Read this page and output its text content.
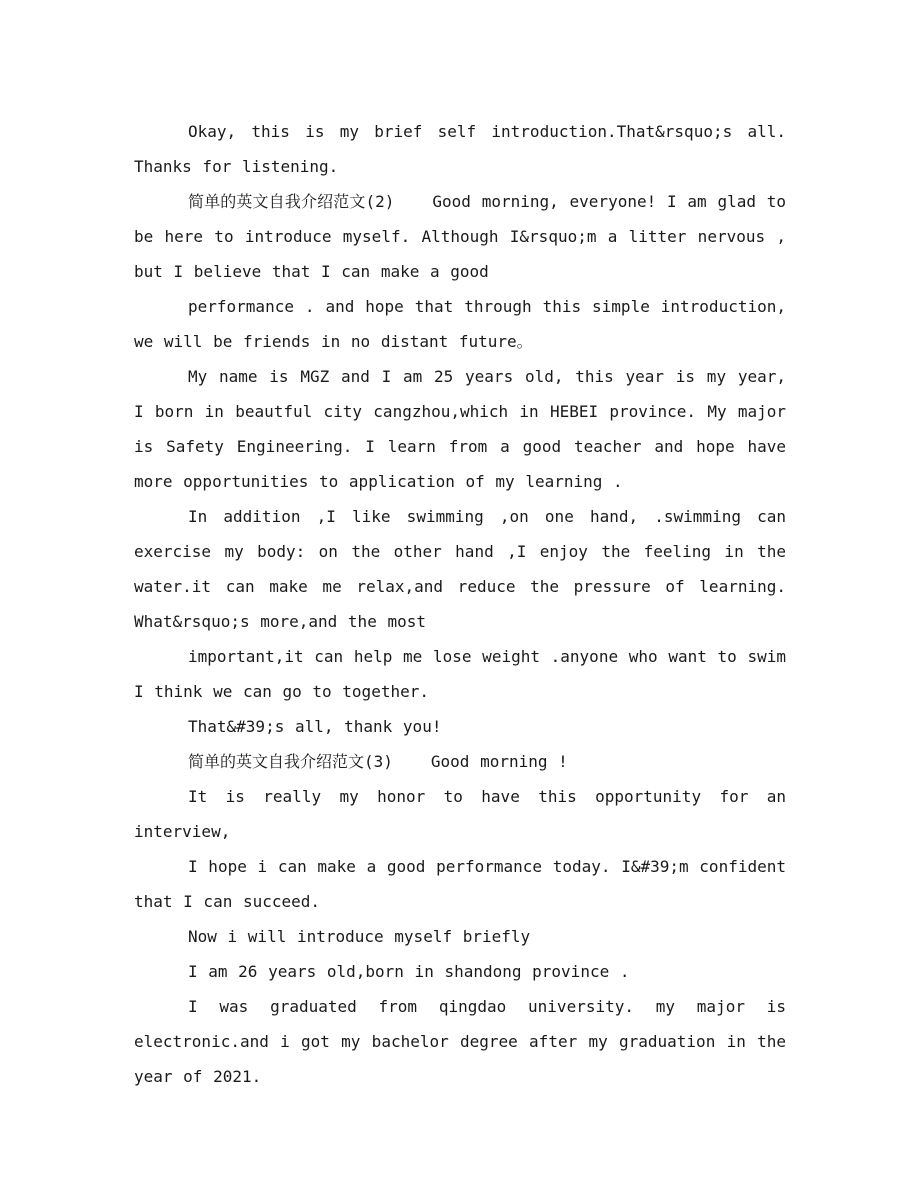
Okay, this is my brief self introduction.That&rsquo;s all. Thanks for listening.

简单的英文自我介绍范文(2) Good morning, everyone! I am glad to be here to introduce myself. Although I&rsquo;m a litter nervous , but I believe that I can make a good

performance . and hope that through this simple introduction, we will be friends in no distant future。

My name is MGZ and I am 25 years old, this year is my year, I born in beautful city cangzhou,which in HEBEI province. My major is Safety Engineering. I learn from a good teacher and hope have more opportunities to application of my learning .

In addition ,I like swimming ,on one hand, .swimming can exercise my body: on the other hand ,I enjoy the feeling in the water.it can make me relax,and reduce the pressure of learning. What&rsquo;s more,and the most

important,it can help me lose weight .anyone who want to swim I think we can go to together.

That&#39;s all, thank you!

简单的英文自我介绍范文(3) Good morning !

It is really my honor to have this opportunity for an interview,

I hope i can make a good performance today. I&#39;m confident that I can succeed.

Now i will introduce myself briefly

I am 26 years old,born in shandong province .

I was graduated from qingdao university. my major is electronic.and i got my bachelor degree after my graduation in the year of 2021.
